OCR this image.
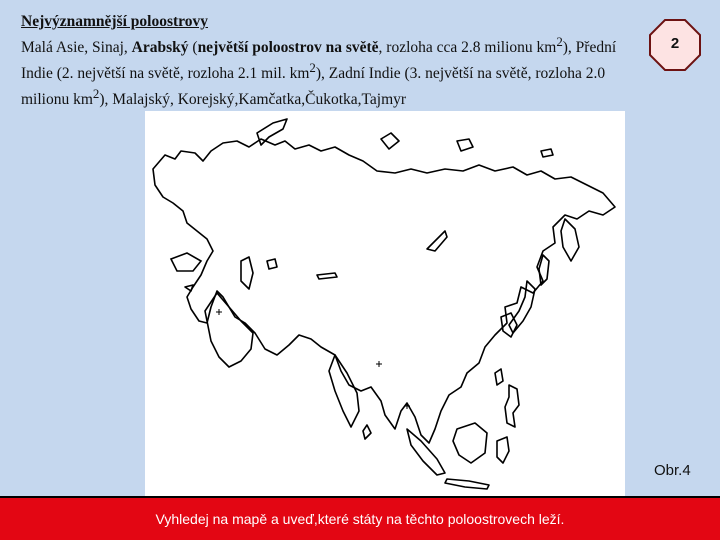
Nejvýznamnější poloostrovy
Malá Asie, Sinaj, Arabský (největší poloostrov na světě, rozloha cca 2.8 milionu $km^2$), Přední Indie (2. největší na světě, rozloha 2.1 mil. $km^2$), Zadní Indie (3. největší na světě, rozloha 2.0 milionu $km^2$), Malajský, Korejský,Kamčatka,Čukotka,Tajmyr
2
Obr.4
Vyhledej na mapě a uveď,které státy na těchto poloostrovech leží.
